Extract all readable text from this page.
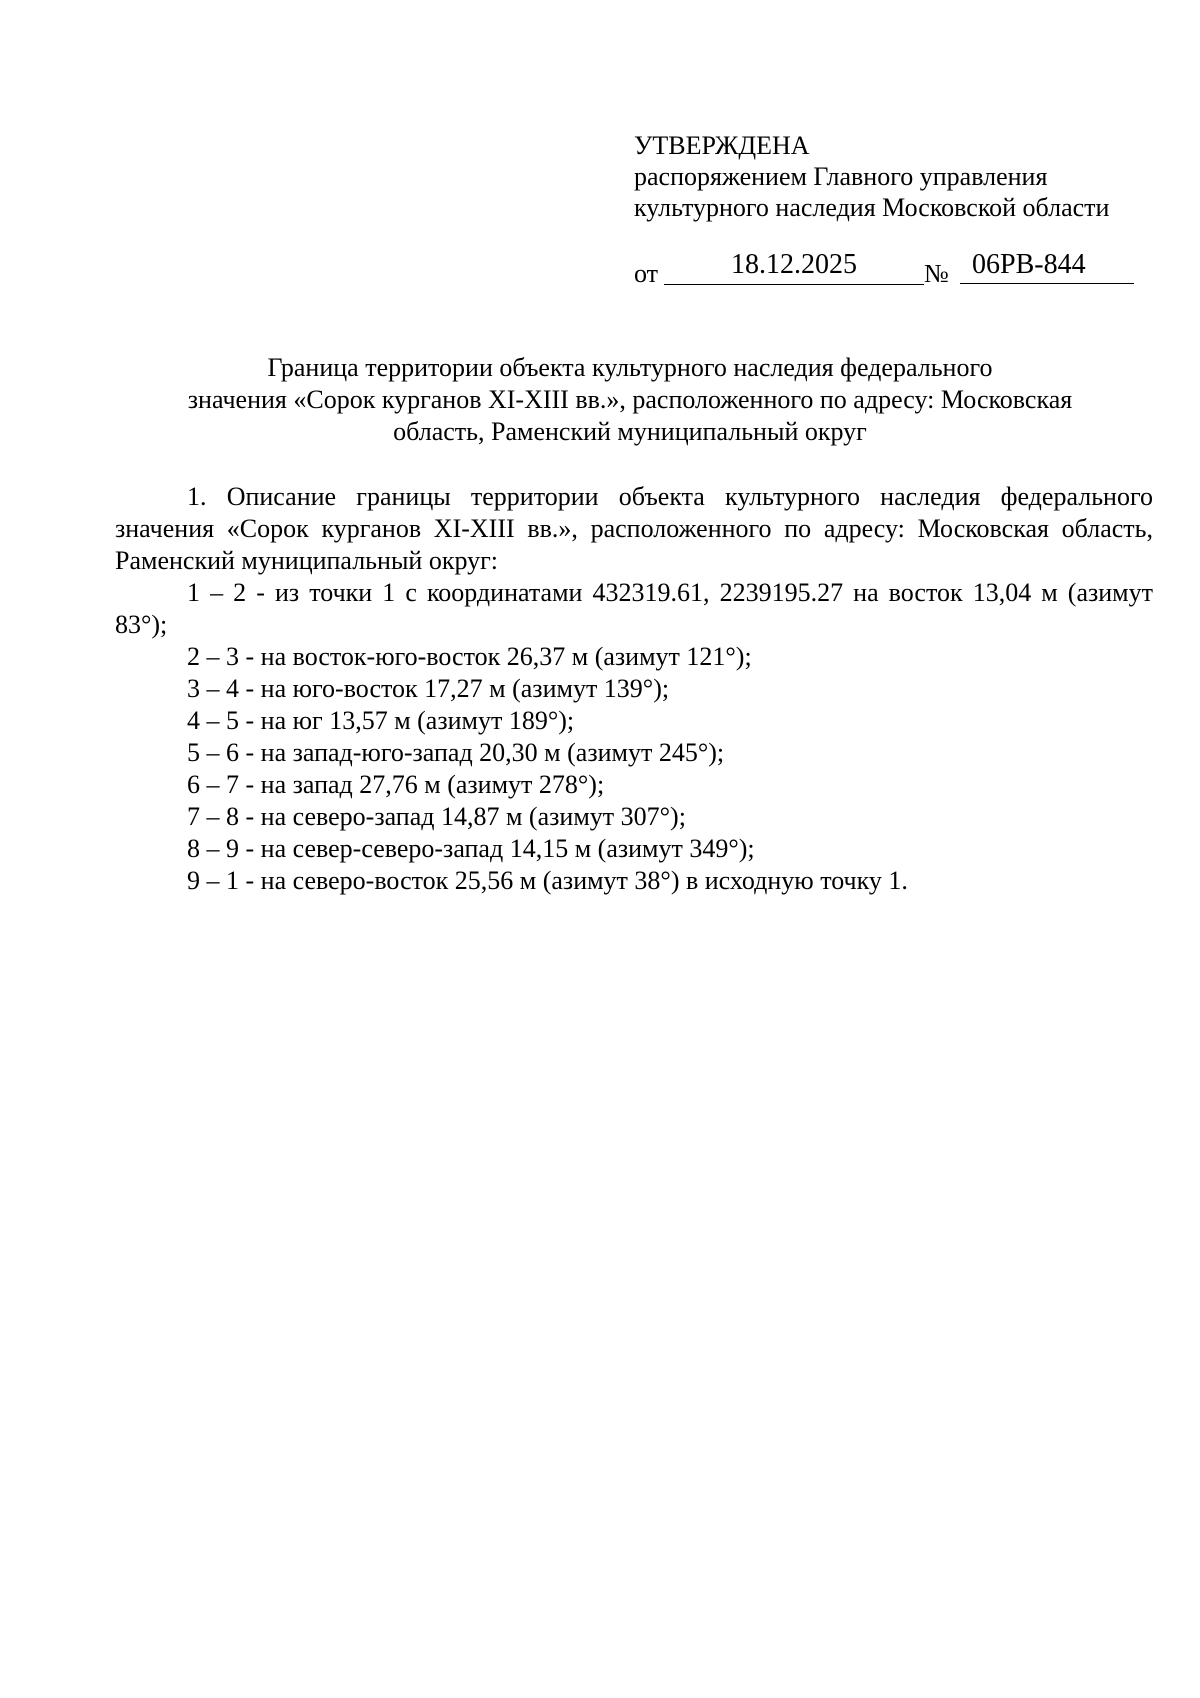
УТВЕРЖДЕНА
распоряжением Главного управления
культурного наследия Московской области
от	18.12.2025	№ 06РВ-844
Граница территории объекта культурного наследия федерального
значения «Сорок курганов XI-XIII вв.», расположенного по адресу: Московская
область, Раменский муниципальный округ

1. Описание границы территории объекта культурного наследия федерального значения «Сорок курганов XI-XIII вв.», расположенного по адресу: Московская область, Раменский муниципальный округ:

1 – 2 - из точки 1 с координатами 432319.61, 2239195.27 на восток 13,04 м (азимут 83°);

2 – 3 - на восток-юго-восток 26,37 м (азимут 121°);

3 – 4 - на юго-восток 17,27 м (азимут 139°);

4 – 5 - на юг 13,57 м (азимут 189°);

5 – 6 - на запад-юго-запад 20,30 м (азимут 245°);

6 – 7 - на запад 27,76 м (азимут 278°);

7 – 8 - на северо-запад 14,87 м (азимут 307°);

8 – 9 - на север-северо-запад 14,15 м (азимут 349°);

9 – 1 - на северо-восток 25,56 м (азимут 38°) в исходную точку 1.
